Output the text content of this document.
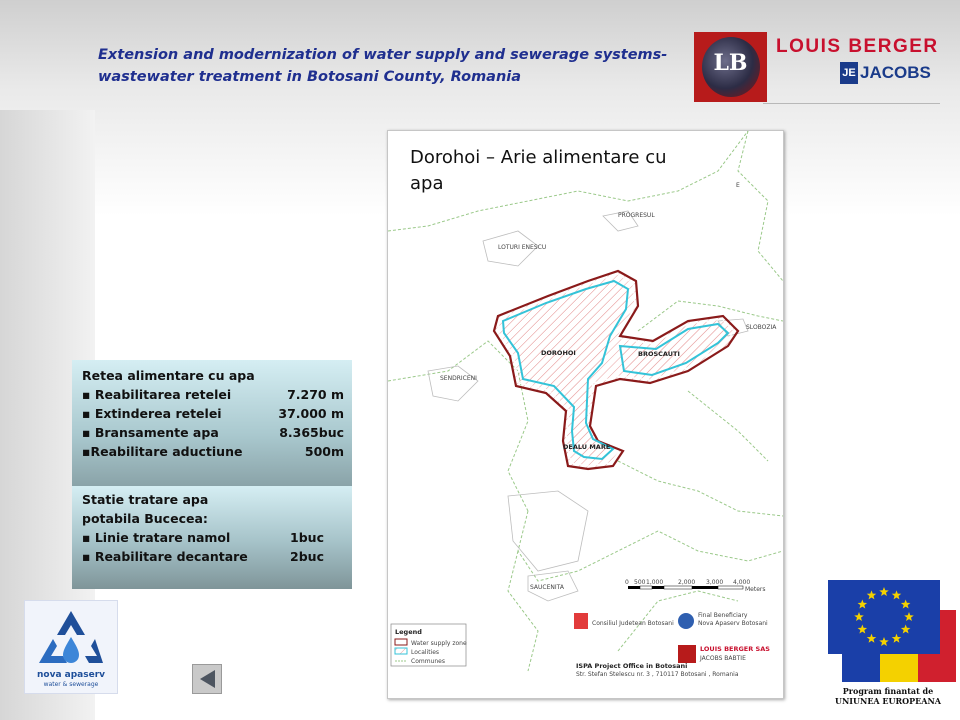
Extension and modernization of water supply and sewerage systems-
wastewater treatment in Botosani County, Romania
LB
LOUIS BERGER
JE JACOBS
Retea alimentare cu apa
▪ Reabilitarea retelei	7.270 m
▪ Extinderea retelei	37.000 m
▪ Bransamente apa	8.365buc
▪Reabilitare aductiune	500m
Statie tratare apa
potabila Bucecea:
▪ Linie tratare namol	1buc
▪ Reabilitare decantare	2buc
PROGRESUL
LOTURI ENESCU
SLOBOZIA
DOROHOI	BROSCAUTI
SENDRICENI
DEALU MARE
SAUCENITA
E
0 500 1,000 2,000 3,000 4,000
Meters
Legend
Water supply zone
Localities
Communes
Consiliul Judetean Botosani
Final Beneficiary
Nova Apaserv Botosani
LOUIS BERGER SAS
JACOBS BABTIE
ISPA Project Office in Botosani
Str. Stefan Stelescu nr. 3 , 710117 Botosani , Romania
Dorohoi – Arie alimentare cu
apa
nova apaserv
water & sewerage
Program finantat de
UNIUNEA EUROPEANA
